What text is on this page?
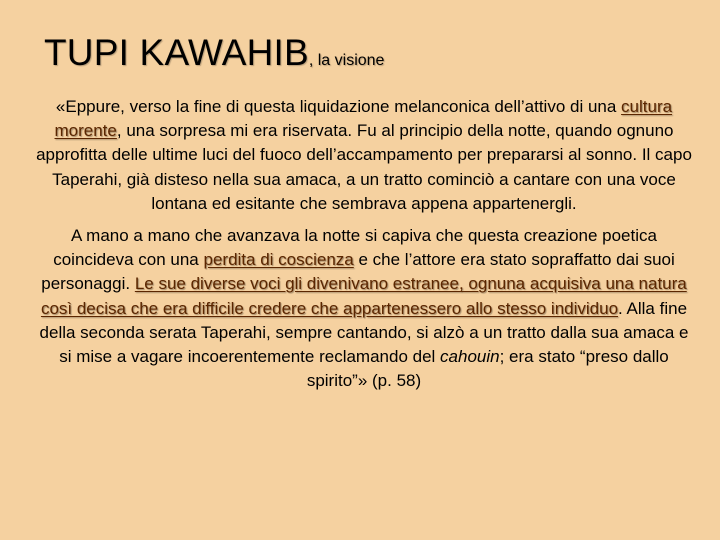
TUPI KAWAHIB, la visione

«Eppure, verso la fine di questa liquidazione melanconica dell’attivo di una cultura morente, una sorpresa mi era riservata. Fu al principio della notte, quando ognuno approfitta delle ultime luci del fuoco dell’accampamento per prepararsi al sonno. Il capo Taperahi, già disteso nella sua amaca, a un tratto cominciò a cantare con una voce lontana ed esitante che sembrava appena appartenergli.

A mano a mano che avanzava la notte si capiva che questa creazione poetica coincideva con una perdita di coscienza e che l’attore era stato sopraffatto dai suoi personaggi. Le sue diverse voci gli divenivano estranee, ognuna acquisiva una natura così decisa che era difficile credere che appartenessero allo stesso individuo. Alla fine della seconda serata Taperahi, sempre cantando, si alzò a un tratto dalla sua amaca e si mise a vagare incoerentemente reclamando del cahouin; era stato “preso dallo spirito”» (p. 58)
